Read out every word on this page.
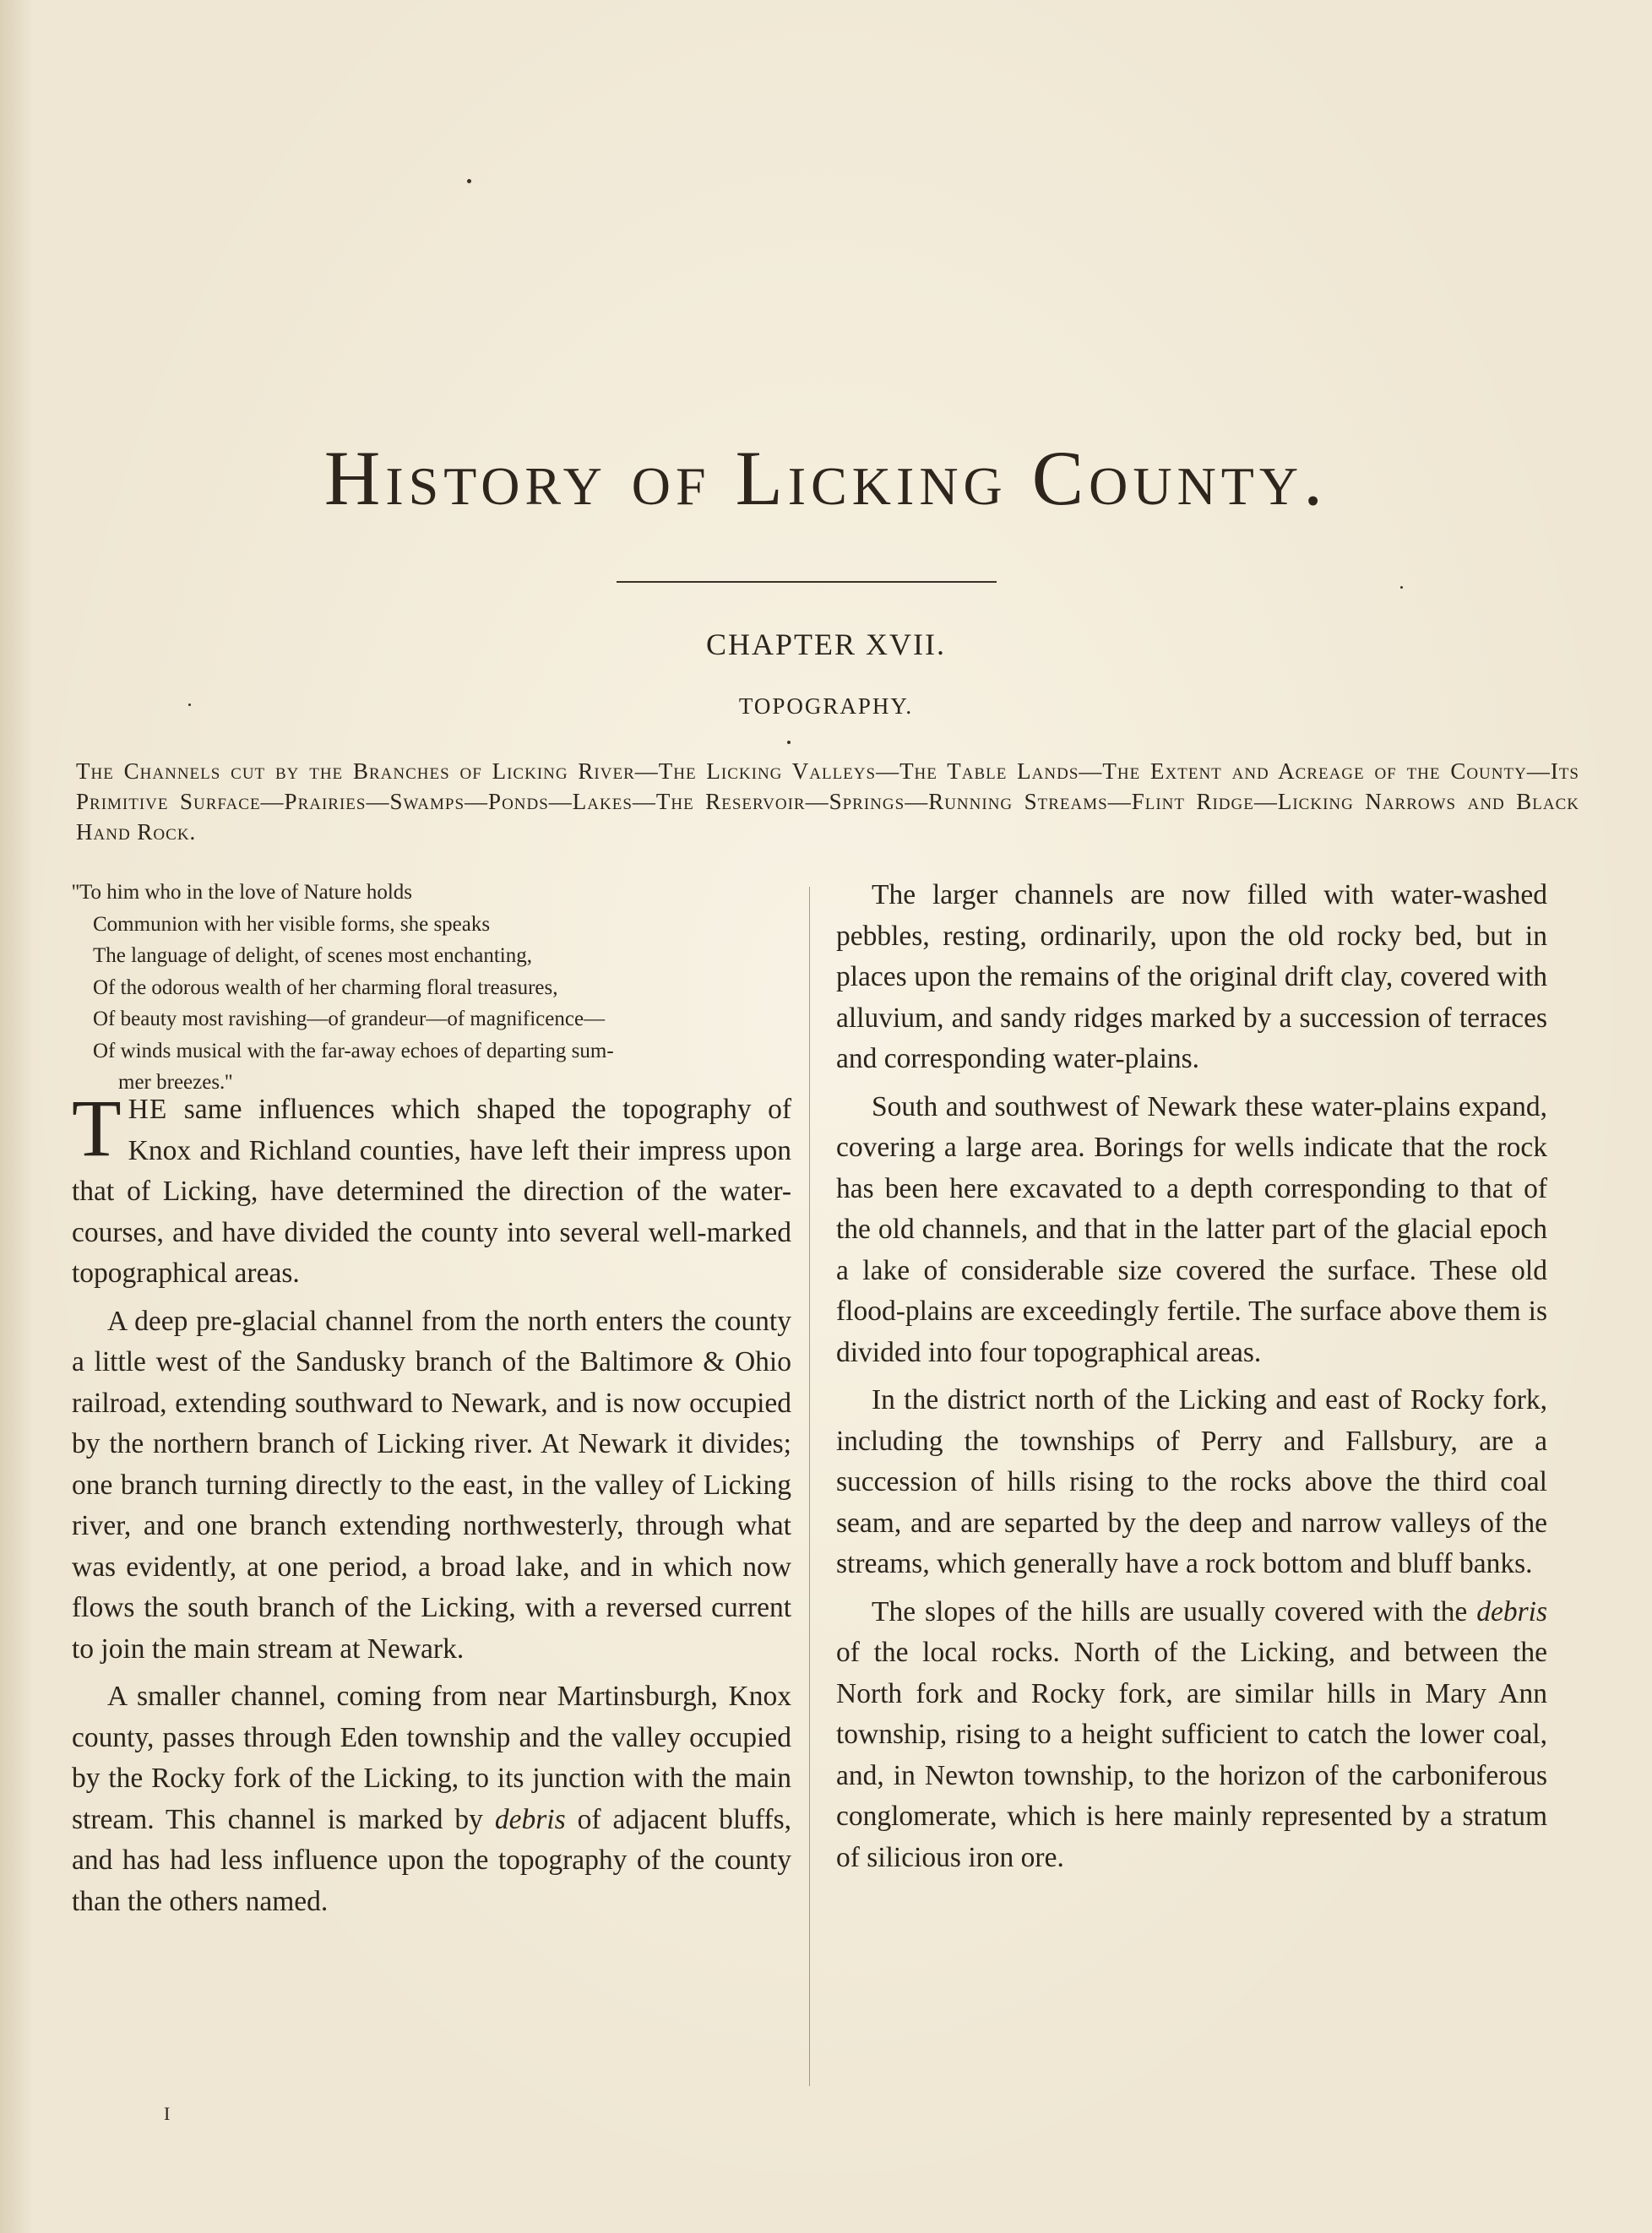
History of Licking County.
CHAPTER XVII.
TOPOGRAPHY.
The Channels cut by the Branches of Licking River—The Licking Valleys—The Table Lands—The Extent and Acreage of the County—Its Primitive Surface—Prairies—Swamps—Ponds—Lakes—The Reservoir—Springs—Running Streams—Flint Ridge—Licking Narrows and Black Hand Rock.
''To him who in the love of Nature holds
Communion with her visible forms, she speaks
The language of delight, of scenes most enchanting,
Of the odorous wealth of her charming floral treasures,
Of beauty most ravishing—of grandeur—of magnificence—
Of winds musical with the far-away echoes of departing sum-
mer breezes.''

THE same influences which shaped the topography of Knox and Richland counties, have left their impress upon that of Licking, have determined the direction of the water-courses, and have divided the county into several well-marked topographical areas.

A deep pre-glacial channel from the north enters the county a little west of the Sandusky branch of the Baltimore & Ohio railroad, extending southward to Newark, and is now occupied by the northern branch of Licking river. At Newark it divides; one branch turning directly to the east, in the valley of Licking river, and one branch extending northwesterly, through what was evidently, at one period, a broad lake, and in which now flows the south branch of the Licking, with a reversed current to join the main stream at Newark.

A smaller channel, coming from near Martinsburgh, Knox county, passes through Eden township and the valley occupied by the Rocky fork of the Licking, to its junction with the main stream. This channel is marked by debris of adjacent bluffs, and has had less influence upon the topography of the county than the others named.

The larger channels are now filled with water-washed pebbles, resting, ordinarily, upon the old rocky bed, but in places upon the remains of the original drift clay, covered with alluvium, and sandy ridges marked by a succession of terraces and corresponding water-plains.

South and southwest of Newark these water-plains expand, covering a large area. Borings for wells indicate that the rock has been here excavated to a depth corresponding to that of the old channels, and that in the latter part of the glacial epoch a lake of considerable size covered the surface. These old flood-plains are exceedingly fertile. The surface above them is divided into four topographical areas.

In the district north of the Licking and east of Rocky fork, including the townships of Perry and Fallsbury, are a succession of hills rising to the rocks above the third coal seam, and are separted by the deep and narrow valleys of the streams, which generally have a rock bottom and bluff banks.

The slopes of the hills are usually covered with the debris of the local rocks. North of the Licking, and between the North fork and Rocky fork, are similar hills in Mary Ann township, rising to a height sufficient to catch the lower coal, and, in Newton township, to the horizon of the carboniferous conglomerate, which is here mainly represented by a stratum of silicious iron ore.

I
